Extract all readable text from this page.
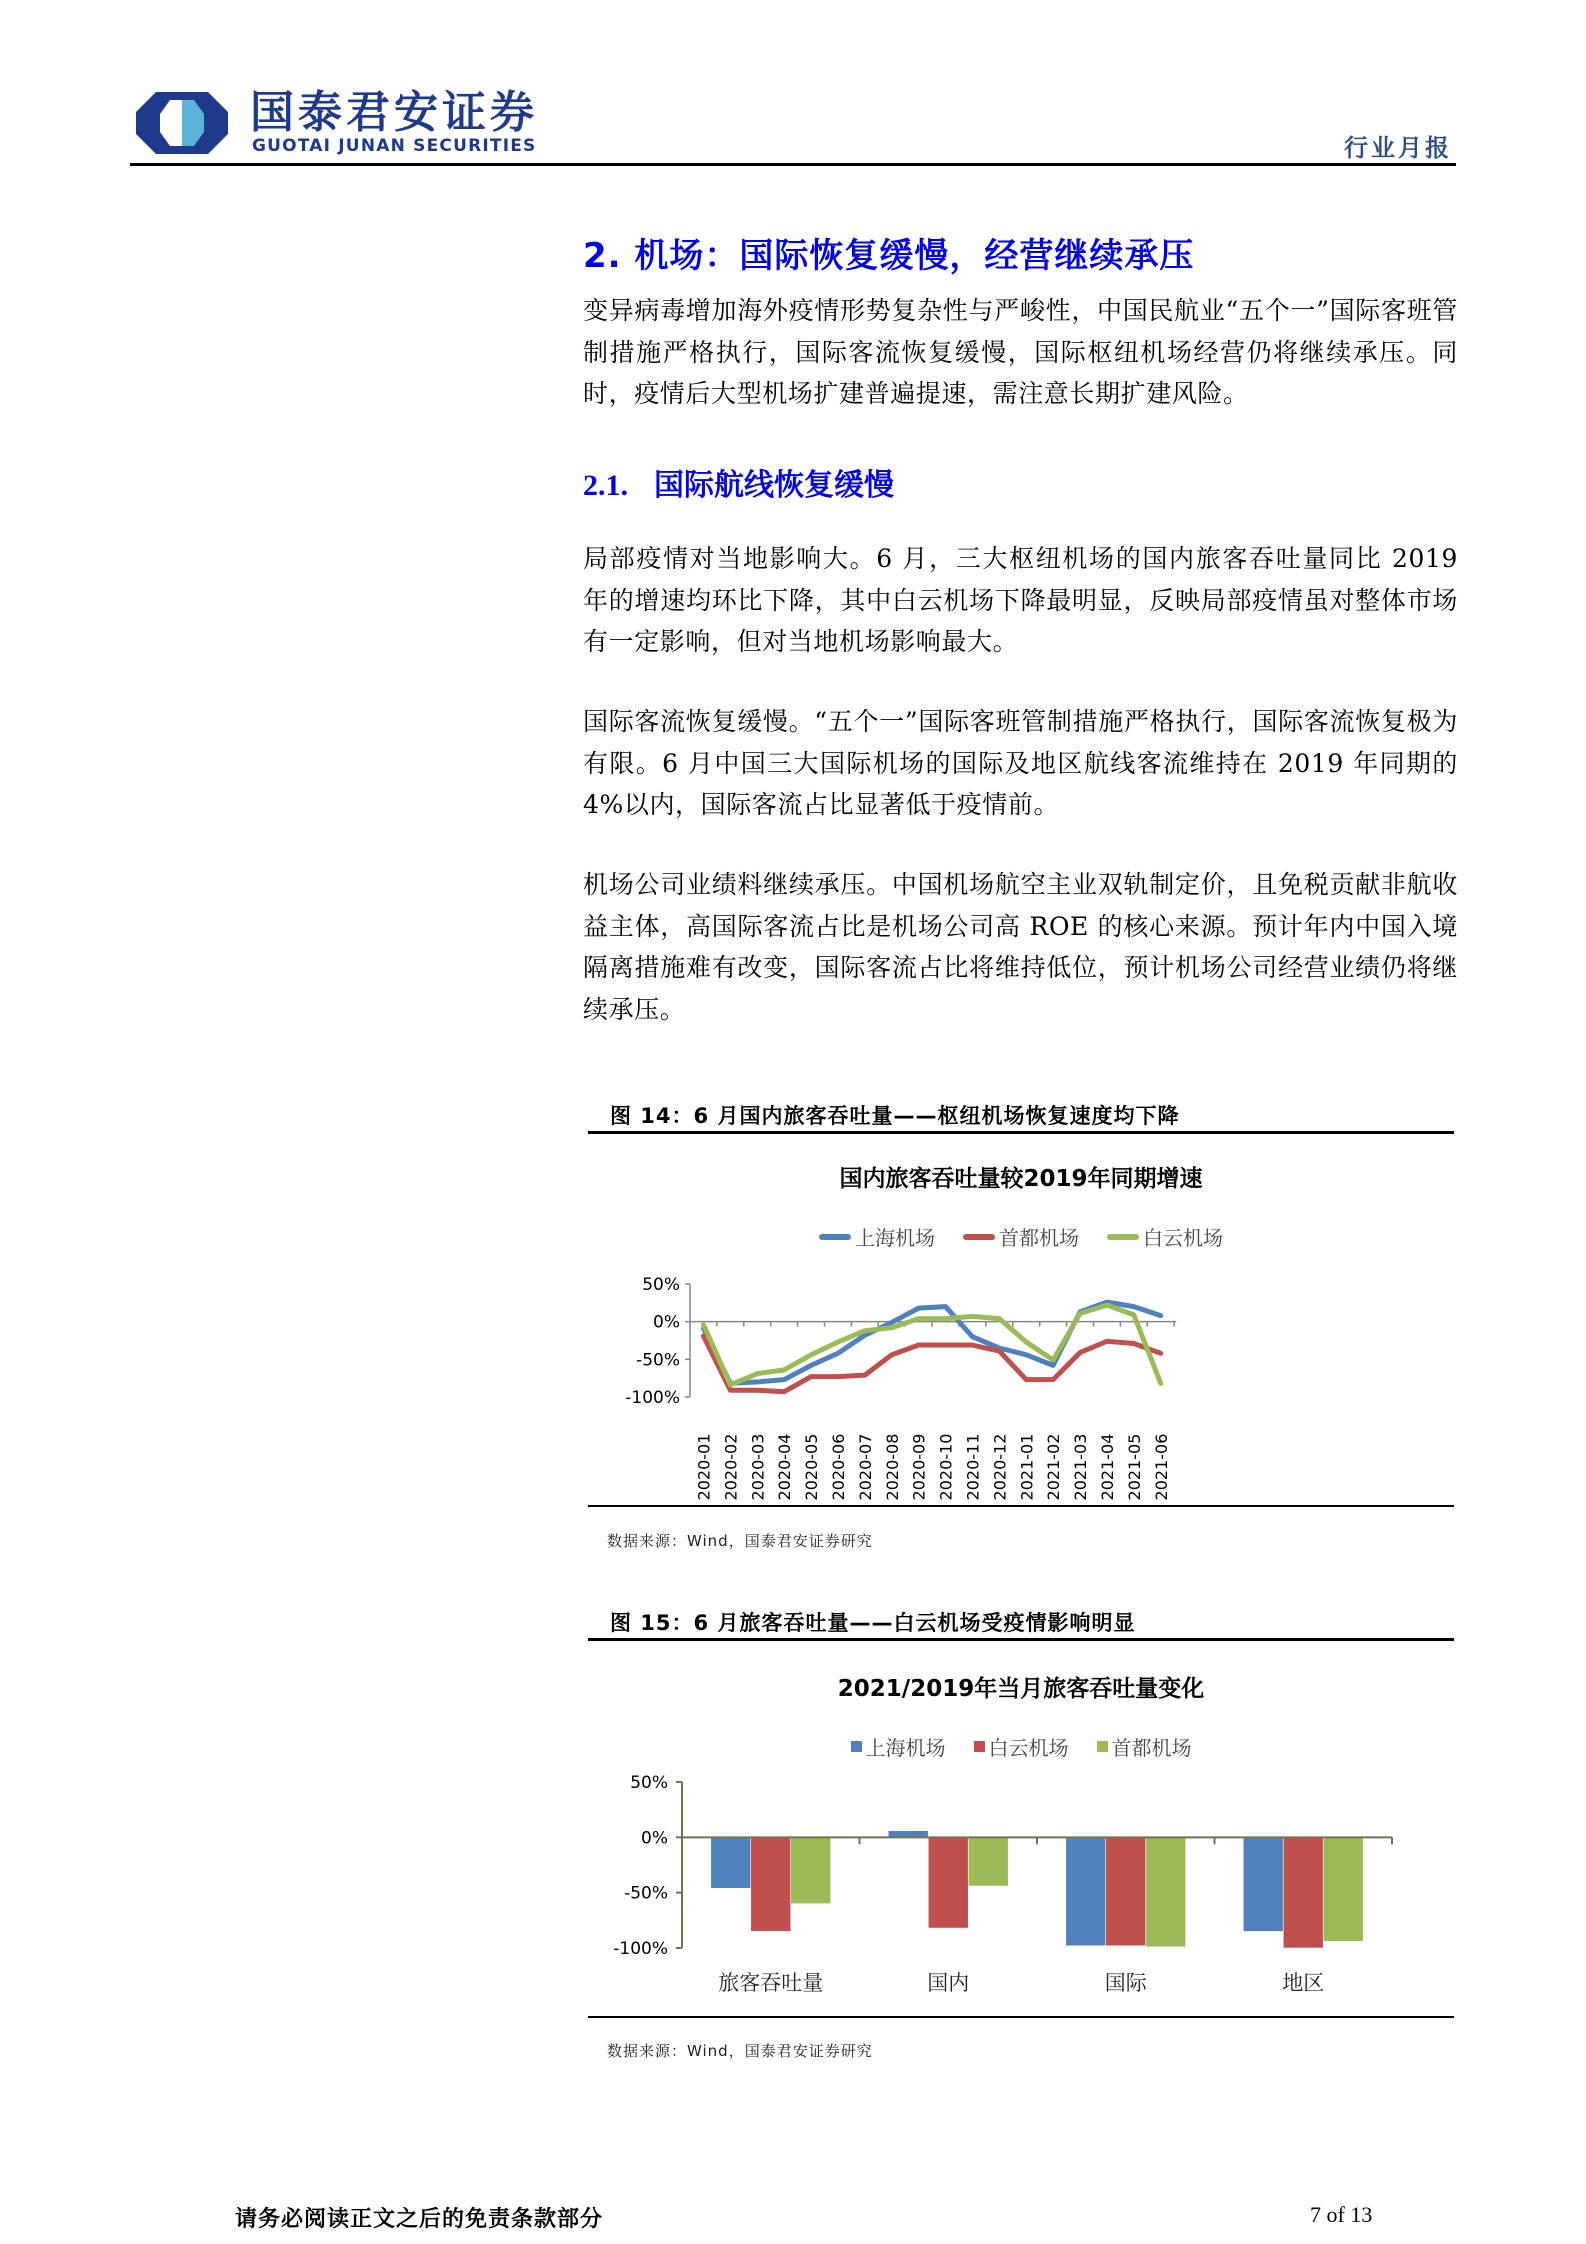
国泰君安证券
GUOTAI JUNAN SECURITIES	行业月报
2. 机场：国际恢复缓慢，经营继续承压
变异病毒增加海外疫情形势复杂性与严峻性，中国民航业“五个一”国际客班管制措施严格执行，国际客流恢复缓慢，国际枢纽机场经营仍将继续承压。同时，疫情后大型机场扩建普遍提速，需注意长期扩建风险。
2.1. 国际航线恢复缓慢
局部疫情对当地影响大。6 月，三大枢纽机场的国内旅客吞吐量同比 2019 年的增速均环比下降，其中白云机场下降最明显，反映局部疫情虽对整体市场有一定影响，但对当地机场影响最大。
国际客流恢复缓慢。“五个一”国际客班管制措施严格执行，国际客流恢复极为有限。6 月中国三大国际机场的国际及地区航线客流维持在 2019 年同期的 4%以内，国际客流占比显著低于疫情前。
机场公司业绩料继续承压。中国机场航空主业双轨制定价，且免税贡献非航收益主体，高国际客流占比是机场公司高 ROE 的核心来源。预计年内中国入境隔离措施难有改变，国际客流占比将维持低位，预计机场公司经营业绩仍将继续承压。
图 14：6 月国内旅客吞吐量——枢纽机场恢复速度均下降
国内旅客吞吐量较2019年同期增速
上海机场	首都机场	白云机场
50%
0%
-50%
-100%
2020-01 2020-02 2020-03 2020-04 2020-05 2020-06 2020-07 2020-08 2020-09 2020-10 2020-11 2020-12 2021-01 2021-02 2021-03 2021-04 2021-05 2021-06
数据来源：Wind，国泰君安证券研究
图 15：6 月旅客吞吐量——白云机场受疫情影响明显
2021/2019年当月旅客吞吐量变化
上海机场 白云机场 首都机场
50%
0%
-50%
-100%
旅客吞吐量	国内	国际	地区
数据来源：Wind，国泰君安证券研究
请务必阅读正文之后的免责条款部分	7 of 13
